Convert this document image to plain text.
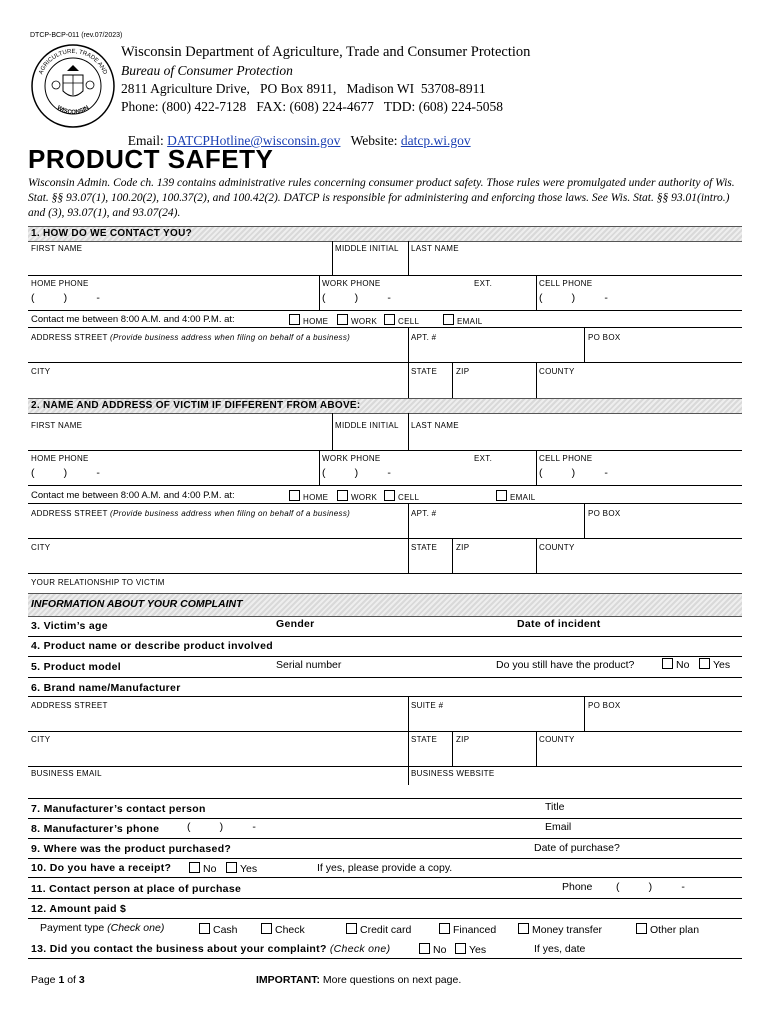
DTCP-BCP-011 (rev.07/2023)
AGRICULTURE, TRADE AND
WISCONSIN
Wisconsin Department of Agriculture, Trade and Consumer Protection
Bureau of Consumer Protection
2811 Agriculture Drive,   PO Box 8911,   Madison WI  53708-8911
Phone: (800) 422-7128   FAX: (608) 224-4677   TDD: (608) 224-5058

Email: DATCPHotline@wisconsin.gov Website: datcp.wi.gov

PRODUCT SAFETY
Wisconsin Admin. Code ch. 139 contains administrative rules concerning consumer product safety. Those rules were promulgated under authority of Wis. Stat. §§ 93.07(1), 100.20(2), 100.37(2), and 100.42(2). DATCP is responsible for administering and enforcing those laws. See Wis. Stat. §§ 93.01(intro.) and (3), 93.07(1), and 93.07(24).
1. HOW DO WE CONTACT YOU?
FIRST NAME	MIDDLE INITIAL LAST NAME
HOME PHONE	WORK PHONE	EXT.	CELL PHONE
(          )          -	(          )          -	(          )          -
Contact me between 8:00 A.M. and 4:00 P.M. at:	HOME	WORK	CELL	EMAIL
ADDRESS STREET (Provide business address when filing on behalf of a business)	APT. #	PO BOX
CITY	STATE ZIP	COUNTY
2. NAME AND ADDRESS OF VICTIM IF DIFFERENT FROM ABOVE:
FIRST NAME	MIDDLE INITIAL LAST NAME
HOME PHONE	WORK PHONE	EXT.	CELL PHONE
(          )          -	(          )          -	(          )          -
Contact me between 8:00 A.M. and 4:00 P.M. at:	HOME	WORK	CELL	EMAIL
ADDRESS STREET (Provide business address when filing on behalf of a business)	APT. #	PO BOX
CITY	STATE ZIP	COUNTY
YOUR RELATIONSHIP TO VICTIM
INFORMATION ABOUT YOUR COMPLAINT
3. Victim’s age	Gender	Date of incident
4. Product name or describe product involved
5. Product model	Serial number	Do you still have the product?	No	Yes
6. Brand name/Manufacturer
ADDRESS STREET	SUITE #	PO BOX
CITY	STATE ZIP	COUNTY
BUSINESS EMAIL	BUSINESS WEBSITE
7. Manufacturer’s contact person	Title
8. Manufacturer’s phone	(          )          -	Email
9. Where was the product purchased?	Date of purchase?
10. Do you have a receipt?	No	Yes	If yes, please provide a copy.
11. Contact person at place of purchase	Phone (          )          -
12. Amount paid $
Payment type (Check one)	Cash	Check	Credit card	Financed	Money transfer	Other plan
13. Did you contact the business about your complaint? (Check one)	No	Yes	If yes, date
Page 1 of 3	IMPORTANT: More questions on next page.
